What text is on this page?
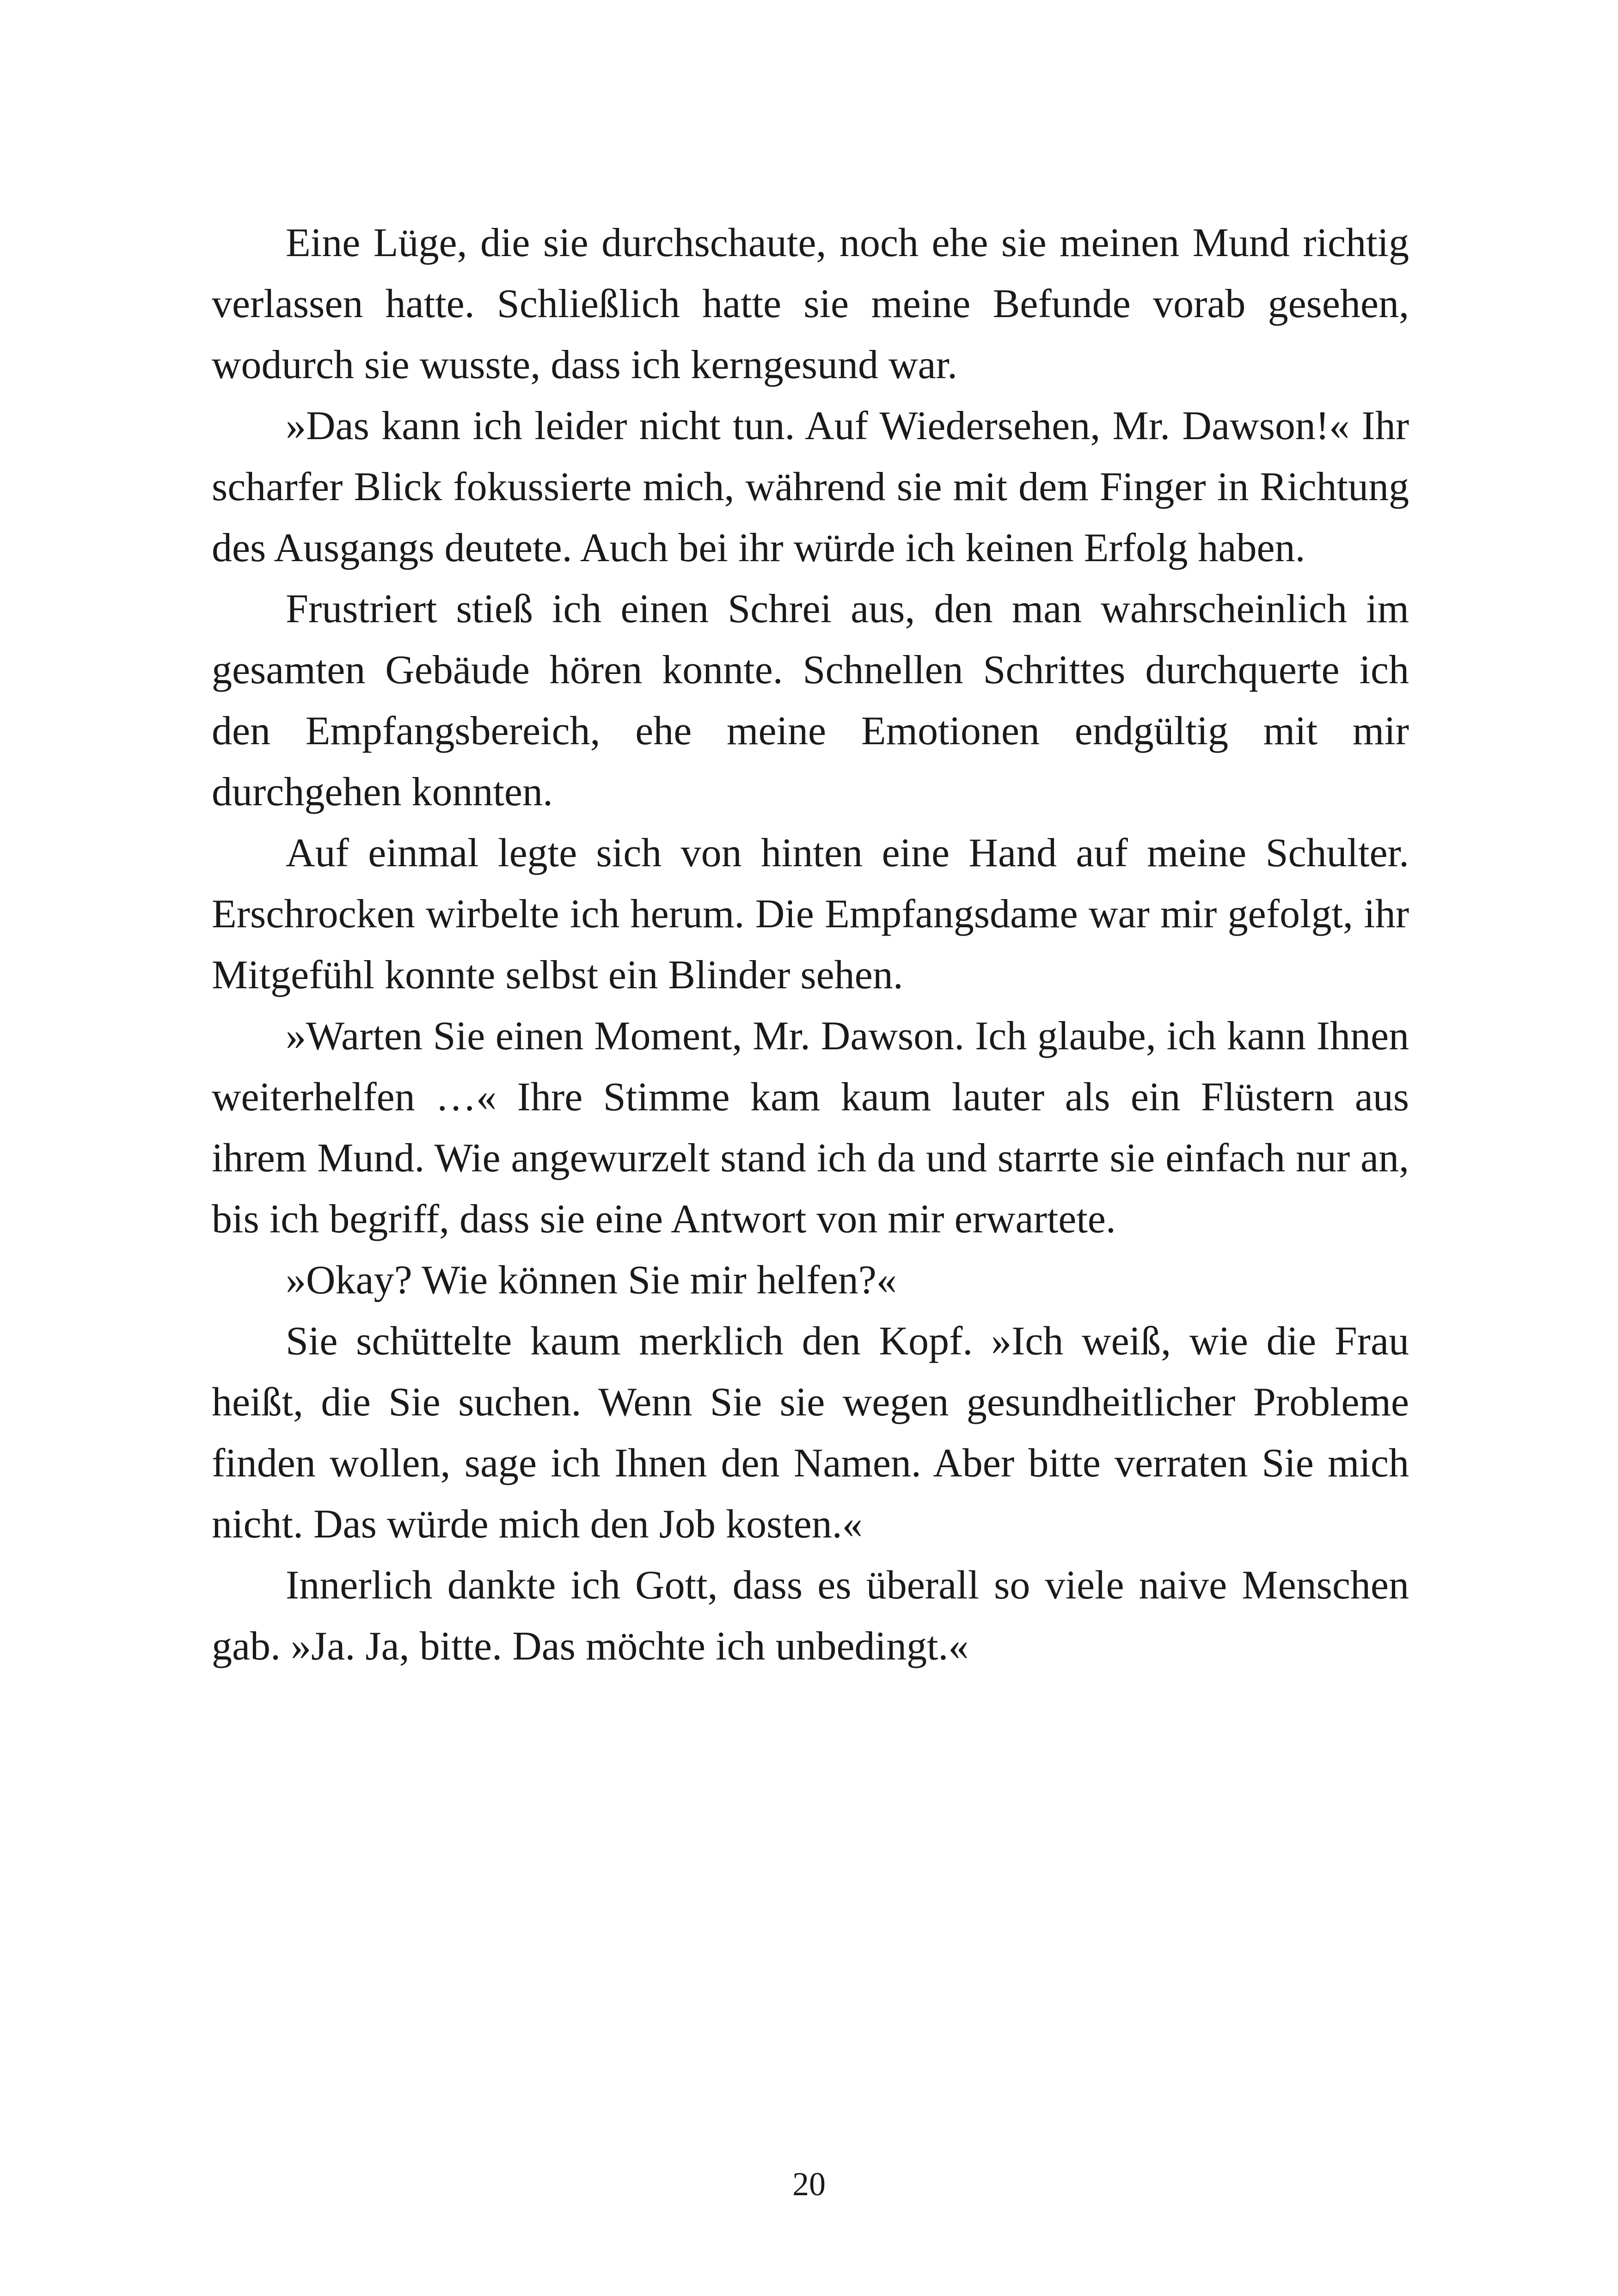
Eine Lüge, die sie durchschaute, noch ehe sie meinen Mund richtig verlassen hatte. Schließlich hatte sie meine Befunde vorab gesehen, wodurch sie wusste, dass ich kerngesund war.

»Das kann ich leider nicht tun. Auf Wiedersehen, Mr. Dawson!« Ihr scharfer Blick fokussierte mich, während sie mit dem Finger in Richtung des Ausgangs deutete. Auch bei ihr würde ich keinen Erfolg haben.

Frustriert stieß ich einen Schrei aus, den man wahrscheinlich im gesamten Gebäude hören konnte. Schnellen Schrittes durchquerte ich den Empfangsbereich, ehe meine Emotionen endgültig mit mir durchgehen konnten.

Auf einmal legte sich von hinten eine Hand auf meine Schulter. Erschrocken wirbelte ich herum. Die Empfangsdame war mir gefolgt, ihr Mitgefühl konnte selbst ein Blinder sehen.

»Warten Sie einen Moment, Mr. Dawson. Ich glaube, ich kann Ihnen weiterhelfen …« Ihre Stimme kam kaum lauter als ein Flüstern aus ihrem Mund. Wie angewurzelt stand ich da und starrte sie einfach nur an, bis ich begriff, dass sie eine Antwort von mir erwartete.

»Okay? Wie können Sie mir helfen?«

Sie schüttelte kaum merklich den Kopf. »Ich weiß, wie die Frau heißt, die Sie suchen. Wenn Sie sie wegen gesundheitlicher Probleme finden wollen, sage ich Ihnen den Namen. Aber bitte verraten Sie mich nicht. Das würde mich den Job kosten.«

Innerlich dankte ich Gott, dass es überall so viele naive Menschen gab. »Ja. Ja, bitte. Das möchte ich unbedingt.«

20
